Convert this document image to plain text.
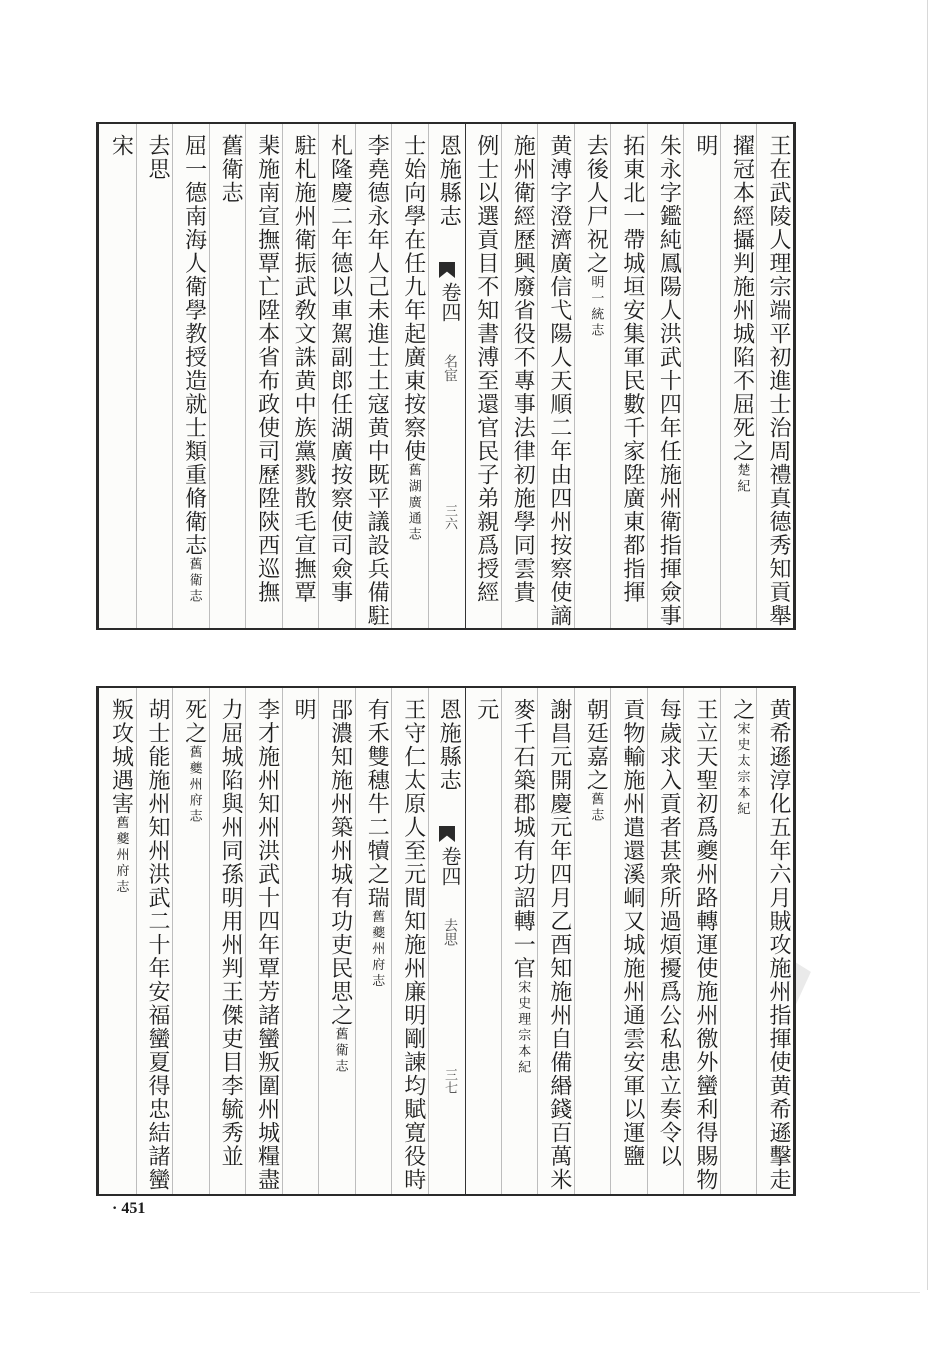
王在武陵人理宗端平初進士治周禮真德秀知貢舉
擢冠本經攝判施州城陷不屈死之楚紀
明
朱永字鑑純鳳陽人洪武十四年任施州衛指揮僉事
拓東北一帶城垣安集軍民數千家陞廣東都指揮
去後人尸祝之明一統志
黄溥字澄濟廣信弋陽人天順二年由四州按察使謫
施州衛經歷興廢省役不專事法律初施學同雲貴
例士以選貢目不知書溥至還官民子弟親爲授經
恩施縣志
卷四
名宦
三六
士始向學在任九年起廣東按察使舊湖廣通志
李堯德永年人己未進士土寇黄中既平議設兵備駐
札隆慶二年德以車駕副郎任湖廣按察使司僉事
駐札施州衛振武敎文誅黄中族黨戮散毛宣撫覃
棐施南宣撫覃亡陞本省布政使司歷陞陝西巡撫
舊衛志
屈一德南海人衛學教授造就士類重脩衛志舊衛志
去思
宋
黄希遜淳化五年六月賊攻施州指揮使黄希遜擊走
之宋史太宗本紀
王立天聖初爲夔州路轉運使施州徼外蠻利得賜物
每歲求入貢者甚衆所過煩擾爲公私患立奏令以
貢物輸施州遣還溪峒又城施州通雲安軍以運鹽
朝廷嘉之舊志
謝昌元開慶元年四月乙酉知施州自備緡錢百萬米
麥千石築郡城有功詔轉一官宋史理宗本紀
元
恩施縣志
卷四
去思
三七
王守仁太原人至元間知施州廉明剛諫均賦寛役時
有禾雙穗牛二犢之瑞舊夔州府志
郘濃知施州築州城有功吏民思之舊衛志
明
李才施州知州洪武十四年覃芳諸蠻叛圍州城糧盡
力屈城陷與州同孫明用州判王傑吏目李毓秀並
死之舊夔州府志
胡士能施州知州洪武二十年安福蠻夏得忠結諸蠻
叛攻城遇害舊夔州府志
· 451
